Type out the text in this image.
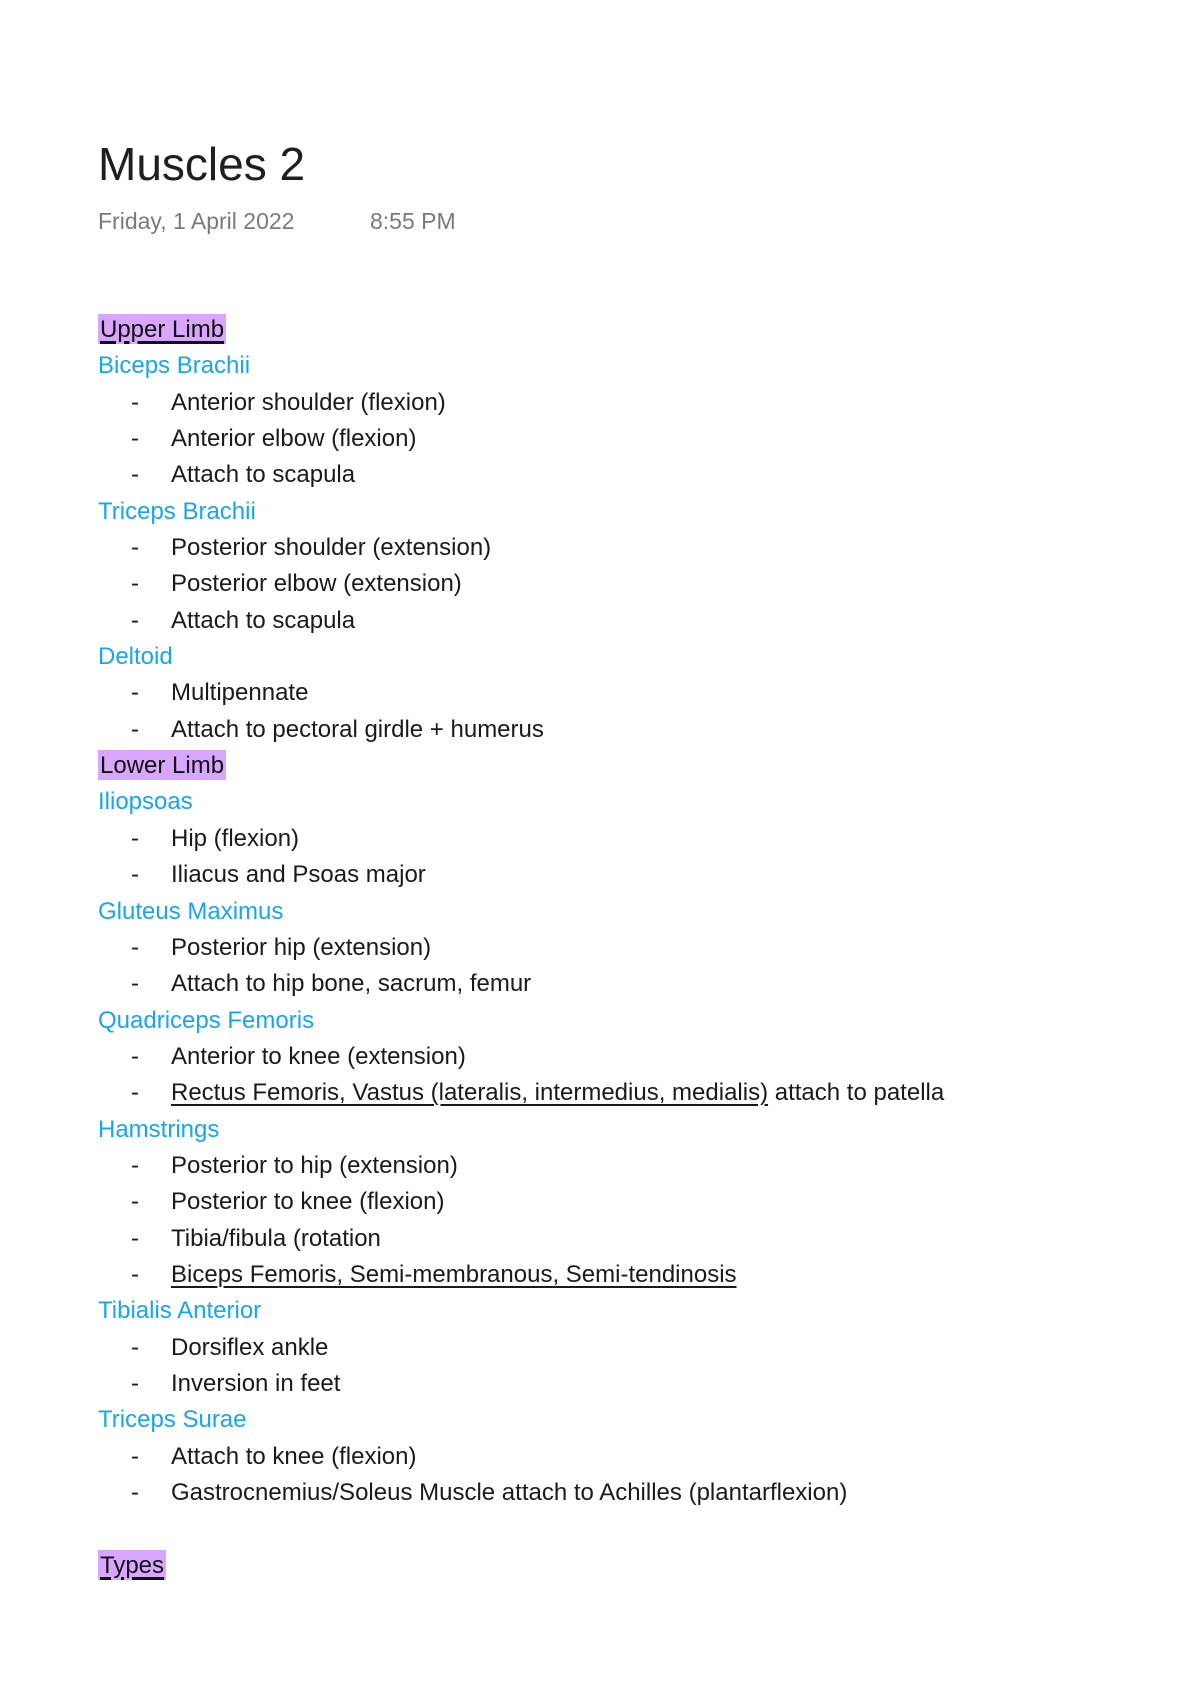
Muscles 2
Friday, 1 April 2022	8:55 PM
Upper Limb
Biceps Brachii
- Anterior shoulder (flexion)
- Anterior elbow (flexion)
- Attach to scapula
Triceps Brachii
- Posterior shoulder (extension)
- Posterior elbow (extension)
- Attach to scapula
Deltoid
- Multipennate
- Attach to pectoral girdle + humerus
Lower Limb
Iliopsoas
- Hip (flexion)
- Iliacus and Psoas major
Gluteus Maximus
- Posterior hip (extension)
- Attach to hip bone, sacrum, femur
Quadriceps Femoris
- Anterior to knee (extension)
- Rectus Femoris, Vastus (lateralis, intermedius, medialis) attach to patella
Hamstrings
- Posterior to hip (extension)
- Posterior to knee (flexion)
- Tibia/fibula (rotation
- Biceps Femoris, Semi-membranous, Semi-tendinosis
Tibialis Anterior
- Dorsiflex ankle
- Inversion in feet
Triceps Surae
- Attach to knee (flexion)
- Gastrocnemius/Soleus Muscle attach to Achilles (plantarflexion)
Types
